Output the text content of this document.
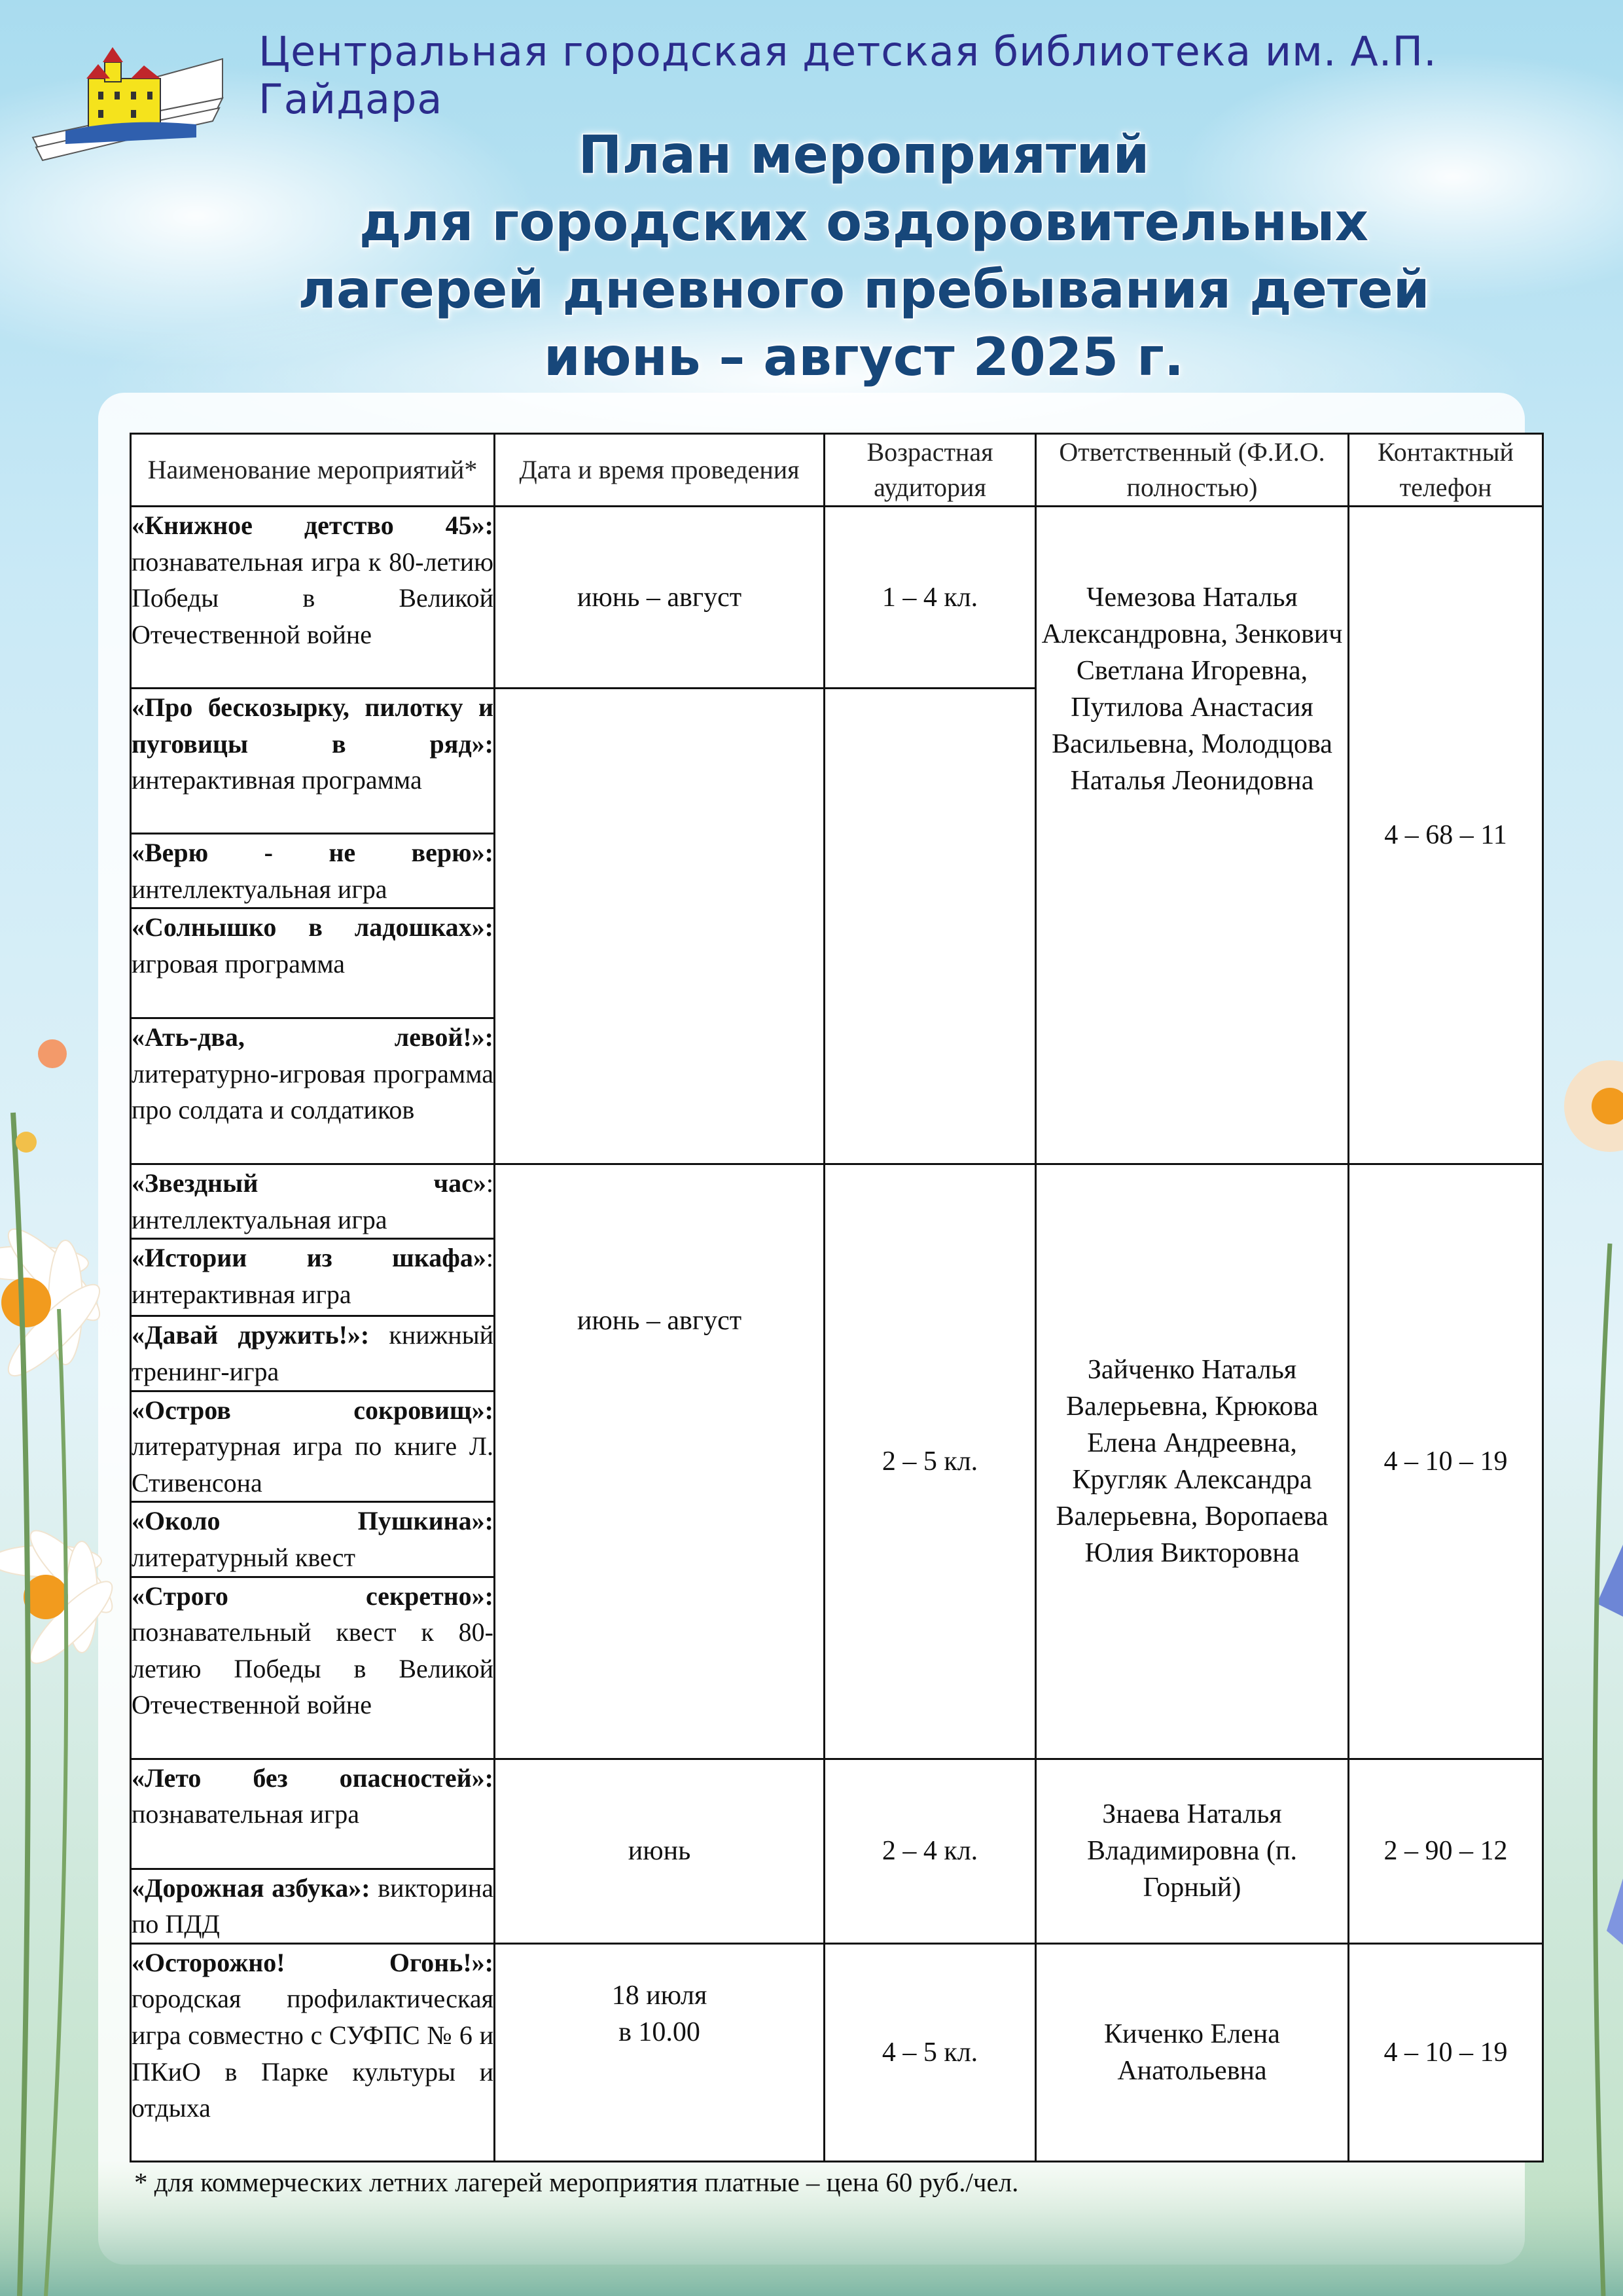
Центральная городская детская библиотека им. А.П. Гайдара
План мероприятий
для городских оздоровительных
лагерей дневного пребывания детей
июнь – август 2025 г.
Наименование мероприятий*	Дата и время проведения	Возрастная аудитория	Ответственный (Ф.И.О. полностью)	Контактный телефон
«Книжное детство 45»: познавательная игра к 80-летию Победы в Великой Отечественной войне	июнь – август	1 – 4 кл.	Чемезова Наталья Александровна, Зенкович Светлана Игоревна, Путилова Анастасия Васильевна, Молодцова Наталья Леонидовна	4 – 68 – 11
«Про бескозырку, пилотку и пуговицы в ряд»: интерактивная программа				
«Верю - не верю»: интеллектуальная игра				
«Солнышко в ладошках»: игровая программа				
«Ать-два, левой!»: литературно-игровая программа про солдата и солдатиков				
«Звездный час»: интеллектуальная игра	июнь – август	2 – 5 кл.	Зайченко Наталья Валерьевна, Крюкова Елена Андреевна, Кругляк Александра Валерьевна, Воропаева Юлия Викторовна	4 – 10 – 19
«Истории из шкафа»: интерактивная игра				
«Давай дружить!»: книжный тренинг-игра				
«Остров сокровищ»: литературная игра по книге Л. Стивенсона				
«Около Пушкина»: литературный квест				
«Строго секретно»: познавательный квест к 80-летию Победы в Великой Отечественной войне				
«Лето без опасностей»: познавательная игра	июнь	2 – 4 кл.	Знаева Наталья Владимировна (п. Горный)	2 – 90 – 12
«Дорожная азбука»: викторина по ПДД				
«Осторожно! Огонь!»: городская профилактическая игра совместно с СУФПС № 6 и ПКиО в Парке культуры и отдыха	18 июля
в 10.00	4 – 5 кл.	Киченко Елена Анатольевна	4 – 10 – 19
* для коммерческих летних лагерей мероприятия платные – цена 60 руб./чел.
